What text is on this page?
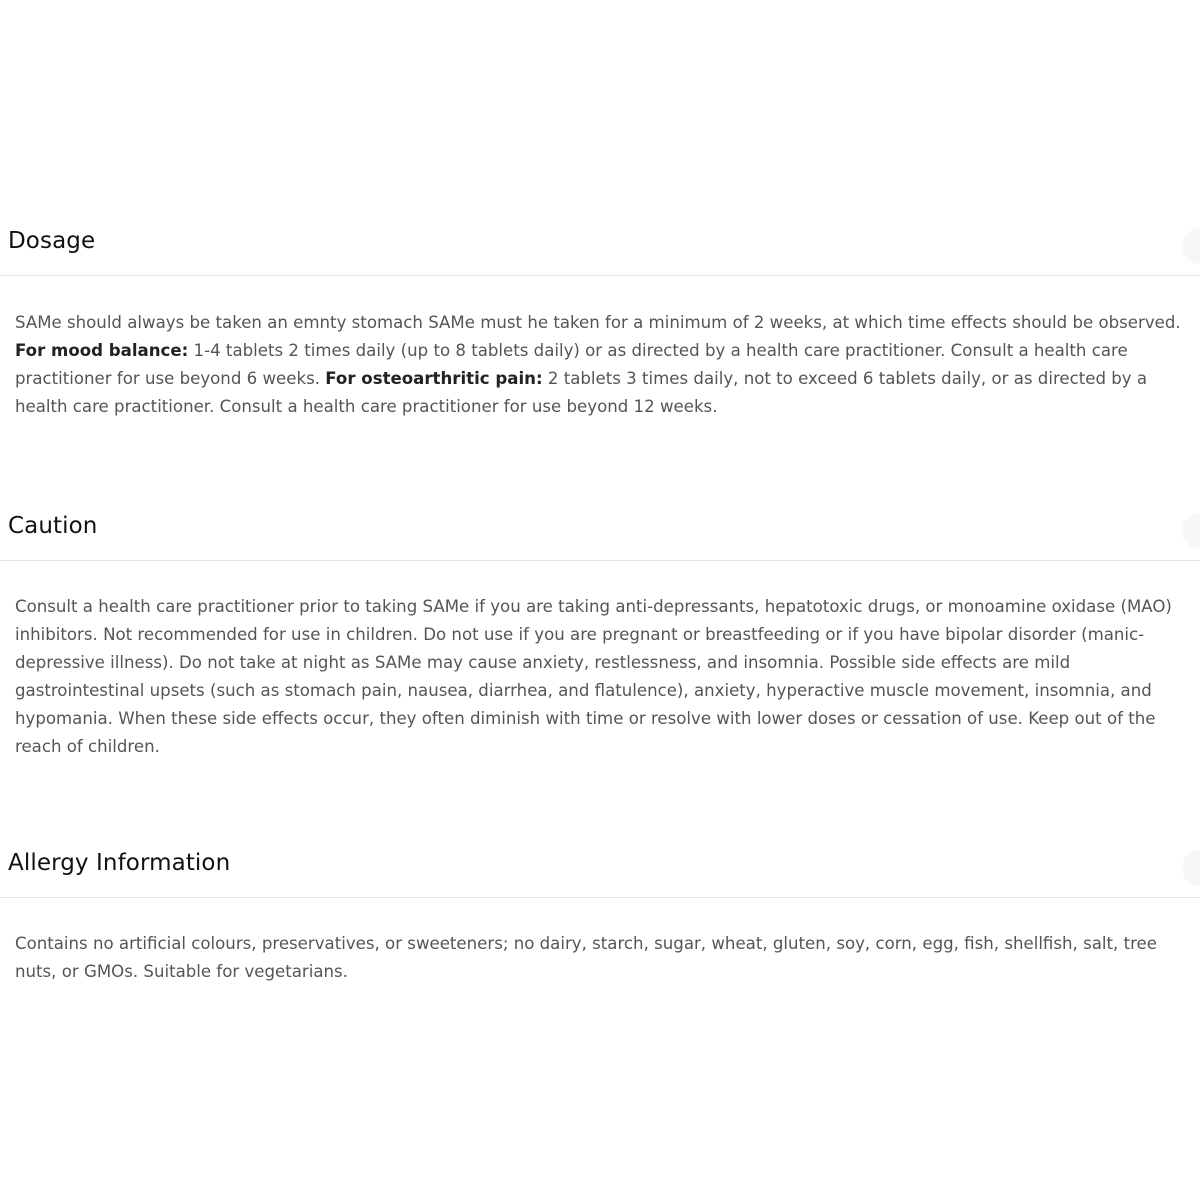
Dosage

SAMe should always be taken an emnty stomach SAMe must he taken for a minimum of 2 weeks, at which time effects should be observed. For mood balance: 1-4 tablets 2 times daily (up to 8 tablets daily) or as directed by a health care practitioner. Consult a health care practitioner for use beyond 6 weeks. For osteoarthritic pain: 2 tablets 3 times daily, not to exceed 6 tablets daily, or as directed by a health care practitioner. Consult a health care practitioner for use beyond 12 weeks.

Caution

Consult a health care practitioner prior to taking SAMe if you are taking anti-depressants, hepatotoxic drugs, or monoamine oxidase (MAO) inhibitors. Not recommended for use in children. Do not use if you are pregnant or breastfeeding or if you have bipolar disorder (manic-depressive illness). Do not take at night as SAMe may cause anxiety, restlessness, and insomnia. Possible side effects are mild gastrointestinal upsets (such as stomach pain, nausea, diarrhea, and flatulence), anxiety, hyperactive muscle movement, insomnia, and hypomania. When these side effects occur, they often diminish with time or resolve with lower doses or cessation of use. Keep out of the reach of children.

Allergy Information

Contains no artificial colours, preservatives, or sweeteners; no dairy, starch, sugar, wheat, gluten, soy, corn, egg, fish, shellfish, salt, tree nuts, or GMOs. Suitable for vegetarians.
